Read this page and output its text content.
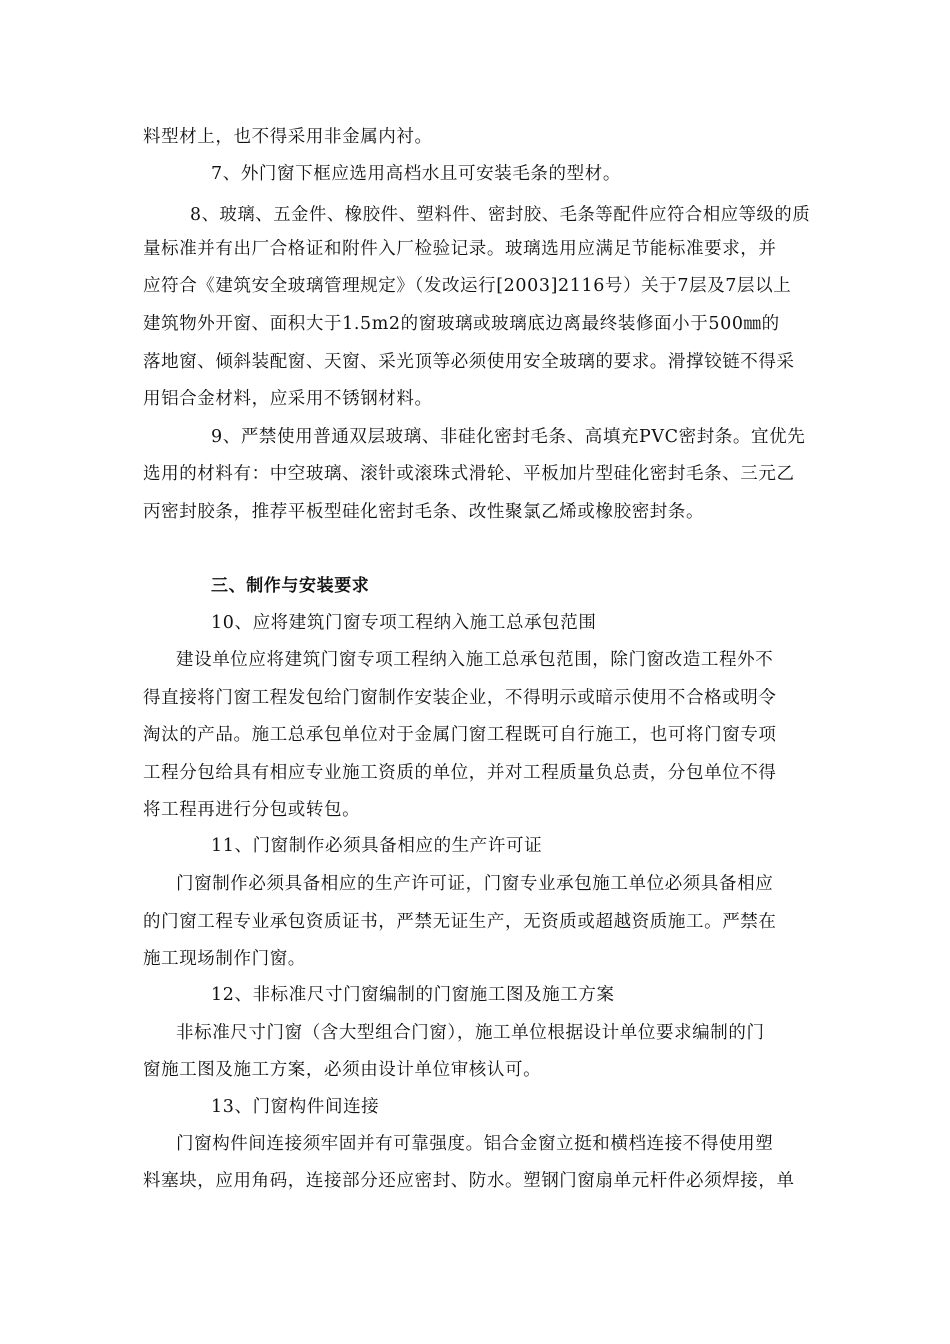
料型材上，也不得采用非金属内衬。
7、外门窗下框应选用高档水且可安装毛条的型材。
8、玻璃、五金件、橡胶件、塑料件、密封胶、毛条等配件应符合相应等级的质
量标准并有出厂合格证和附件入厂检验记录。玻璃选用应满足节能标准要求，并
应符合《建筑安全玻璃管理规定》（发改运行[2003]2116号）关于7层及7层以上
建筑物外开窗、面积大于1.5m2的窗玻璃或玻璃底边离最终装修面小于500㎜的
落地窗、倾斜装配窗、天窗、采光顶等必须使用安全玻璃的要求。滑撑铰链不得采
用铝合金材料，应采用不锈钢材料。
9、严禁使用普通双层玻璃、非硅化密封毛条、高填充PVC密封条。宜优先
选用的材料有：中空玻璃、滚针或滚珠式滑轮、平板加片型硅化密封毛条、三元乙
丙密封胶条，推荐平板型硅化密封毛条、改性聚氯乙烯或橡胶密封条。
三、制作与安装要求
10、应将建筑门窗专项工程纳入施工总承包范围
建设单位应将建筑门窗专项工程纳入施工总承包范围，除门窗改造工程外不
得直接将门窗工程发包给门窗制作安装企业，不得明示或暗示使用不合格或明令
淘汰的产品。施工总承包单位对于金属门窗工程既可自行施工，也可将门窗专项
工程分包给具有相应专业施工资质的单位，并对工程质量负总责，分包单位不得
将工程再进行分包或转包。
11、门窗制作必须具备相应的生产许可证
门窗制作必须具备相应的生产许可证，门窗专业承包施工单位必须具备相应
的门窗工程专业承包资质证书，严禁无证生产，无资质或超越资质施工。严禁在
施工现场制作门窗。
12、非标准尺寸门窗编制的门窗施工图及施工方案
非标准尺寸门窗（含大型组合门窗），施工单位根据设计单位要求编制的门
窗施工图及施工方案，必须由设计单位审核认可。
13、门窗构件间连接
门窗构件间连接须牢固并有可靠强度。铝合金窗立挺和横档连接不得使用塑
料塞块，应用角码，连接部分还应密封、防水。塑钢门窗扇单元杆件必须焊接，单
